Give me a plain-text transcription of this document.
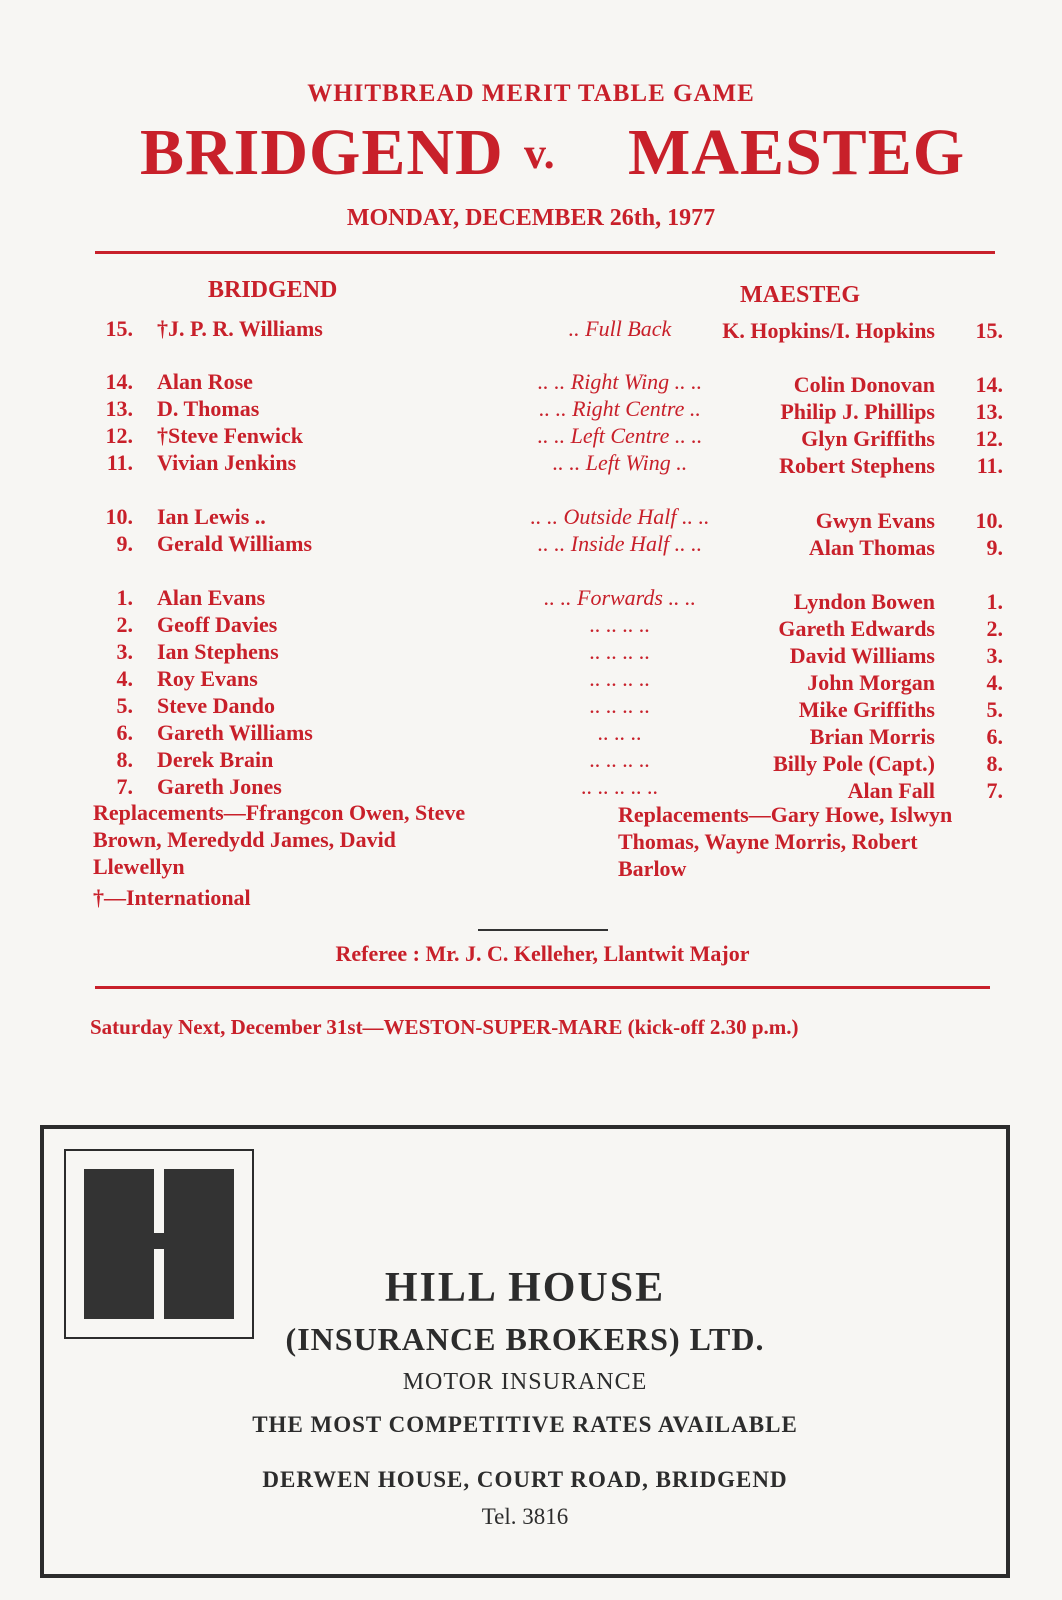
WHITBREAD MERIT TABLE GAME
BRIDGEND v. MAESTEG
MONDAY, DECEMBER 26th, 1977
BRIDGEND	MAESTEG
15. †J. P. R. Williams	.. Full Back	K. Hopkins/I. Hopkins	15.
14. Alan Rose	.. .. Right Wing .. ..	Colin Donovan	14.
13. D. Thomas	.. .. Right Centre ..	Philip J. Phillips	13.
12. †Steve Fenwick	.. .. Left Centre .. ..	Glyn Griffiths	12.
11. Vivian Jenkins	.. .. Left Wing ..	Robert Stephens	11.
10. Ian Lewis ..	.. .. Outside Half .. ..	Gwyn Evans	10.
9. Gerald Williams	.. .. Inside Half .. ..	Alan Thomas	9.
1. Alan Evans	.. .. Forwards .. ..	Lyndon Bowen	1.
2. Geoff Davies	.. .. .. ..	Gareth Edwards	2.
3. Ian Stephens	.. .. .. ..	David Williams	3.
4. Roy Evans	.. .. .. ..	John Morgan	4.
5. Steve Dando	.. .. .. ..	Mike Griffiths	5.
6. Gareth Williams	.. .. ..	Brian Morris	6.
8. Derek Brain	.. .. .. ..	Billy Pole (Capt.)	8.
7. Gareth Jones	.. .. .. .. ..	Alan Fall	7.
Replacements—Ffrangcon Owen, Steve Brown, Meredydd James, David Llewellyn
Replacements—Gary Howe, Islwyn Thomas, Wayne Morris, Robert Barlow
†—International
Referee : Mr. J. C. Kelleher, Llantwit Major
Saturday Next, December 31st—WESTON-SUPER-MARE (kick-off 2.30 p.m.)
HILL HOUSE
(INSURANCE BROKERS) LTD.
MOTOR INSURANCE
THE MOST COMPETITIVE RATES AVAILABLE
DERWEN HOUSE, COURT ROAD, BRIDGEND
Tel. 3816
